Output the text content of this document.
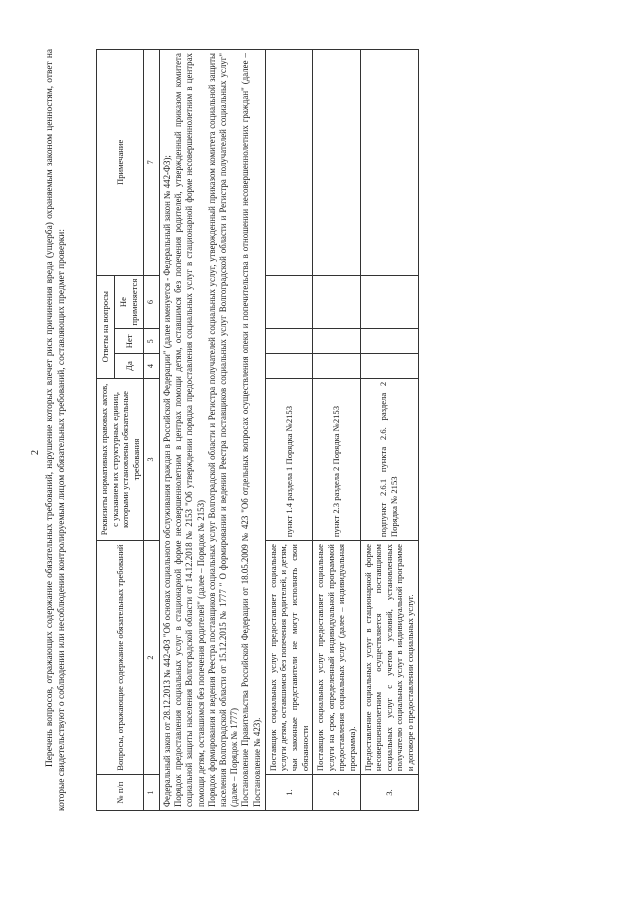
2 Перечень вопросов, отражающих содержание обязательных требований, нарушение которых влечет риск причинения вреда (ущерба) охраняемым законом ценностям, ответ на которые свидетельствуют о соблюдении или несоблюдении контролируемым лицом обязательных требований, составляющих предмет проверки:	№ п/п	Вопросы, отражающие содержание обязательных требований	Реквизиты нормативных правовых актов, с указанием их структурных единиц, которыми установлены обязательные требования	Ответы на вопросы			Примечание
			Да	Нет	Не применяется	
1	2	3	4	5	6	7

Федеральный закон от 28.12.2013 № 442-ФЗ "Об основах социального обслуживания граждан в Российской Федерации" (далее именуется - Федеральный закон № 442-ФЗ); Порядок предоставления социальных услуг в стационарной форме несовершеннолетним в центрах помощи детям, оставшимся без попечения родителей, утвержденный приказом комитета социальной защиты населения Волгоградской области от 14.12.2018 № 2153 "Об утверждении порядка предоставления социальных услуг в стационарной форме несовершеннолетним в центрах помощи детям, оставшимся без попечения родителей" (далее – Порядок № 2153) Порядок формирования и ведения Реестра поставщиков социальных услуг Волгоградской области и Регистра получателей социальных услуг, утвержденный приказом комитета социальной защиты населения Волгоградской области от 15.12.2015 № 1777 " О формировании и ведении Реестра поставщиков социальных услуг Волгоградской области и Регистра получателей социальных услуг" (далее – Порядок № 1777) Постановление Правительства Российской Федерации от 18.05.2009 № 423 "Об отдельных вопросах осуществления опеки и попечительства в отношении несовершеннолетних граждан" (далее – Постановление № 423).						

1.	Поставщик социальных услуг предоставляет социальные услуги детям, оставшимся без попечения родителей, и детям, чьи законные представители не могут исполнять свои обязанности	пункт 1.4 раздела 1 Порядка №2153				
2.	Поставщик социальных услуг предоставляет социальные услуги на срок, определенный индивидуальной программой предоставления социальных услуг (далее – индивидуальная программа).	пункт 2.3 раздела 2 Порядка №2153				
3.	Предоставление социальных услуг в стационарной форме несовершеннолетним осуществляется поставщиком социальных услуг с учетом условий, установленных получателю социальных услуг в индивидуальной программе и договоре о предоставлении социальных услуг.	подпункт 2.6.1 пункта 2.6. раздела 2 Порядка № 2153				
